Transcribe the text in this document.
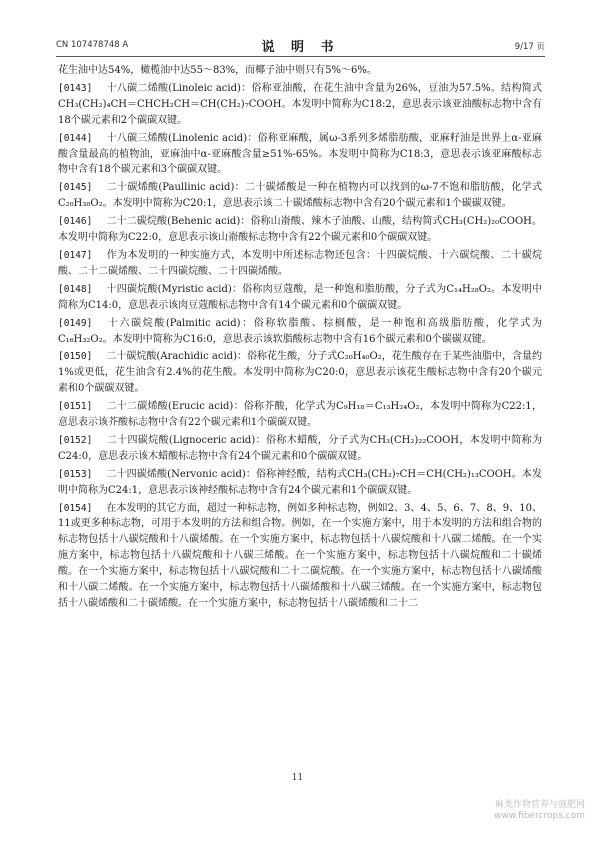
CN 107478748 A	说 明 书	9/17 页

花生油中达54%，橄榄油中达55～83%，而椰子油中则只有5%～6%。

[0143] 十八碳二烯酸(Linoleic acid)：俗称亚油酸，在花生油中含量为26%，豆油为57.5%。结构简式CH₃(CH₂)₄CH＝CHCH₂CH＝CH(CH₂)₇COOH。本发明中简称为C18:2，意思表示该亚油酸标志物中含有18个碳元素和2个碳碳双键。

[0144] 十八碳三烯酸(Linolenic acid)：俗称亚麻酸，属ω-3系列多烯脂肪酸，亚麻籽油是世界上α-亚麻酸含量最高的植物油，亚麻油中α-亚麻酸含量≥51%-65%。本发明中简称为C18:3，意思表示该亚麻酸标志物中含有18个碳元素和3个碳碳双键。

[0145] 二十碳烯酸(Paullinic acid)：二十碳烯酸是一种在植物内可以找到的ω-7不饱和脂肪酸，化学式C₂₀H₃₈O₂。本发明中简称为C20:1，意思表示该二十碳烯酸标志物中含有20个碳元素和1个碳碳双键。

[0146] 二十二碳烷酸(Behenic acid)：俗称山嵛酸、辣木子油酸、山酸，结构简式CH₃(CH₂)₂₀COOH。本发明中简称为C22:0，意思表示该山嵛酸标志物中含有22个碳元素和0个碳碳双键。

[0147] 作为本发明的一种实施方式，本发明中所述标志物还包含：十四碳烷酸、十六碳烷酸、二十碳烷酸、二十二碳烯酸、二十四碳烷酸、二十四碳烯酸。

[0148] 十四碳烷酸(Myristic acid)：俗称肉豆蔻酸，是一种饱和脂肪酸，分子式为C₁₄H₂₈O₂。本发明中简称为C14:0，意思表示该肉豆蔻酸标志物中含有14个碳元素和0个碳碳双键。

[0149] 十六碳烷酸(Palmitic acid)：俗称软脂酸、棕榈酸，是一种饱和高级脂肪酸，化学式为C₁₆H₃₂O₂。本发明中简称为C16:0，意思表示该软脂酸标志物中含有16个碳元素和0个碳碳双键。

[0150] 二十碳烷酸(Arachidic acid)：俗称花生酸，分子式C₂₀H₄₀O₂，花生酸存在于某些油脂中，含量约1%或更低，花生油含有2.4%的花生酸。本发明中简称为C20:0，意思表示该花生酸标志物中含有20个碳元素和0个碳碳双键。

[0151] 二十二碳烯酸(Erucic acid)：俗称芥酸，化学式为C₉H₁₈＝C₁₃H₂₄O₂，本发明中简称为C22:1，意思表示该芥酸标志物中含有22个碳元素和1个碳碳双键。

[0152] 二十四碳烷酸(Lignoceric acid)：俗称木蜡酸，分子式为CH₃(CH₂)₂₂COOH，本发明中简称为C24:0，意思表示该木蜡酸标志物中含有24个碳元素和0个碳碳双键。

[0153] 二十四碳烯酸(Nervonic acid)：俗称神经酸，结构式CH₃(CH₂)₇CH＝CH(CH₂)₁₃COOH。本发明中简称为C24:1，意思表示该神经酸标志物中含有24个碳元素和1个碳碳双键。

[0154] 在本发明的其它方面，超过一种标志物，例如多种标志物，例如2、3、4、5、6、7、8、9、10、11或更多种标志物，可用于本发明的方法和组合物。例如，在一个实施方案中，用于本发明的方法和组合物的标志物包括十八碳烷酸和十八碳烯酸。在一个实施方案中，标志物包括十八碳烷酸和十八碳二烯酸。在一个实施方案中，标志物包括十八碳烷酸和十八碳三烯酸。在一个实施方案中，标志物包括十八碳烷酸和二十碳烯酸。在一个实施方案中，标志物包括十八碳烷酸和二十二碳烷酸。在一个实施方案中，标志物包括十八碳烯酸和十八碳二烯酸。在一个实施方案中，标志物包括十八碳烯酸和十八碳三烯酸。在一个实施方案中，标志物包括十八碳烯酸和二十碳烯酸。在一个实施方案中，标志物包括十八碳烯酸和二十二

11
麻类作物营养与施肥网
www.fibercrops.com
